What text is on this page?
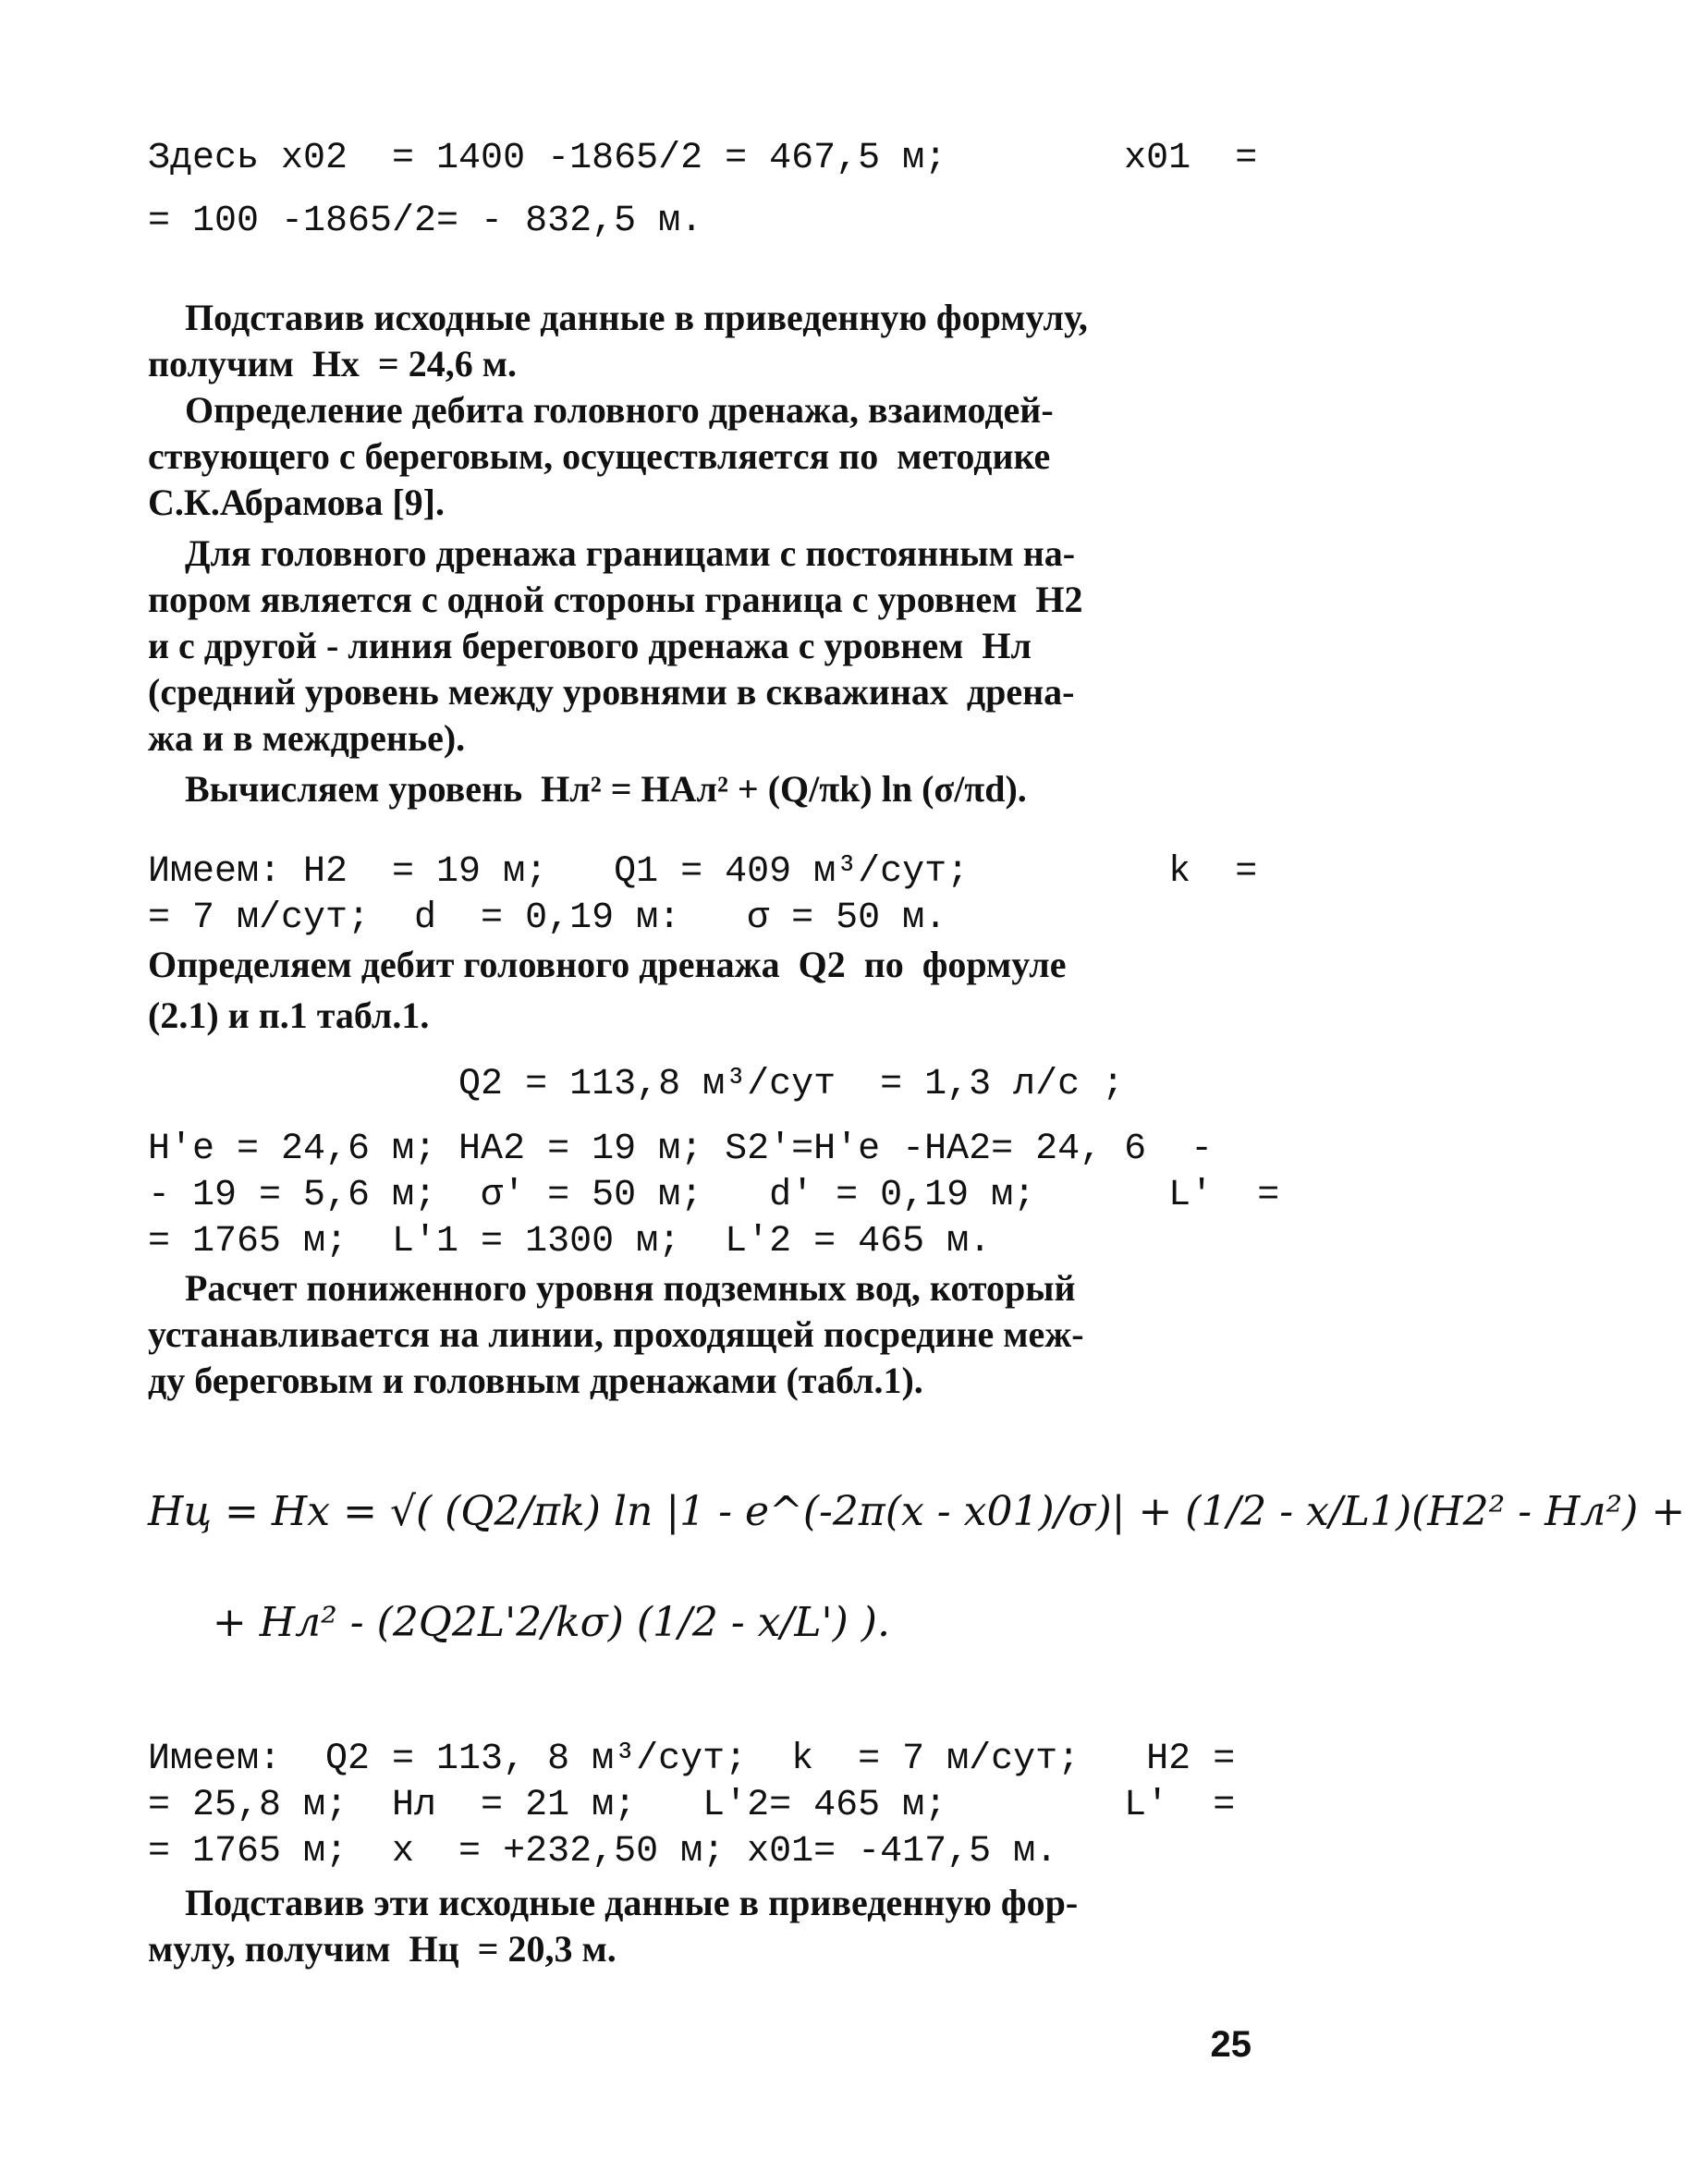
Здесь x02  = 1400 -1865/2 = 467,5 м;        x01  =
= 100 -1865/2= - 832,5 м.
Подставив исходные данные в приведенную формулу,
получим  Hx  = 24,6 м.
Определение дебита головного дренажа, взаимодей-
ствующего с береговым, осуществляется по  методике
С.К.Абрамова [9].
Для головного дренажа границами с постоянным на-
пором является с одной стороны граница с уровнем  H2
и с другой - линия берегового дренажа с уровнем  Hл
(средний уровень между уровнями в скважинах  дрена-
жа и в междренье).
Вычисляем уровень  Hл² = HАл² + (Q/πk) ln (σ/πd).
Имеем: H2  = 19 м;   Q1 = 409 м³/сут;         k  =
= 7 м/сут;  d  = 0,19 м:   σ = 50 м.
Определяем дебит головного дренажа  Q2  по  формуле
(2.1) и п.1 табл.1.
Q2 = 113,8 м³/сут  = 1,3 л/с ;
H'e = 24,6 м; HА2 = 19 м; S2'=H'e -HА2= 24, 6  -
- 19 = 5,6 м;  σ' = 50 м;   d' = 0,19 м;      L'  =
= 1765 м;  L'1 = 1300 м;  L'2 = 465 м.
Расчет пониженного уровня подземных вод, который
устанавливается на линии, проходящей посредине меж-
ду береговым и головным дренажами (табл.1).
Hц = Hx = √( (Q2/πk) ln |1 - e^(-2π(x - x01)/σ)| + (1/2 - x/L1)(H2² - Hл²) +
+ Hл² - (2Q2L'2/kσ) (1/2 - x/L') ).
Имеем:  Q2 = 113, 8 м³/сут;  k  = 7 м/сут;   H2 =
= 25,8 м;  Hл  = 21 м;   L'2= 465 м;        L'  =
= 1765 м;  x  = +232,50 м; x01= -417,5 м.
Подставив эти исходные данные в приведенную фор-
мулу, получим  Hц  = 20,3 м.
25
